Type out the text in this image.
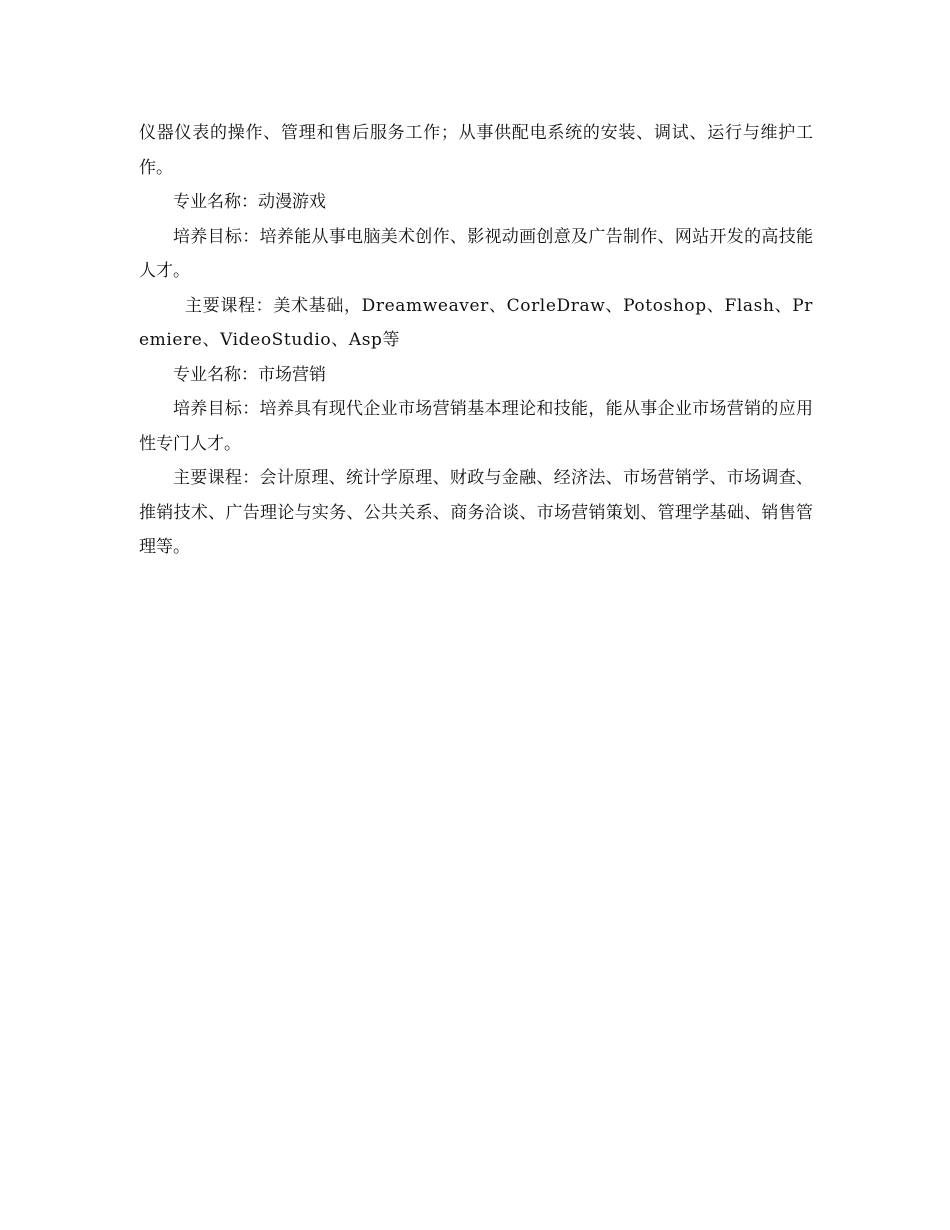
仪器仪表的操作、管理和售后服务工作；从事供配电系统的安装、调试、运行与维护工作。

专业名称：动漫游戏

培养目标：培养能从事电脑美术创作、影视动画创意及广告制作、网站开发的高技能人才。

主要课程：美术基础，Dreamweaver、CorleDraw、Potoshop、Flash、Premiere、VideoStudio、Asp等

专业名称：市场营销

培养目标：培养具有现代企业市场营销基本理论和技能，能从事企业市场营销的应用性专门人才。

主要课程：会计原理、统计学原理、财政与金融、经济法、市场营销学、市场调查、推销技术、广告理论与实务、公共关系、商务洽谈、市场营销策划、管理学基础、销售管理等。
